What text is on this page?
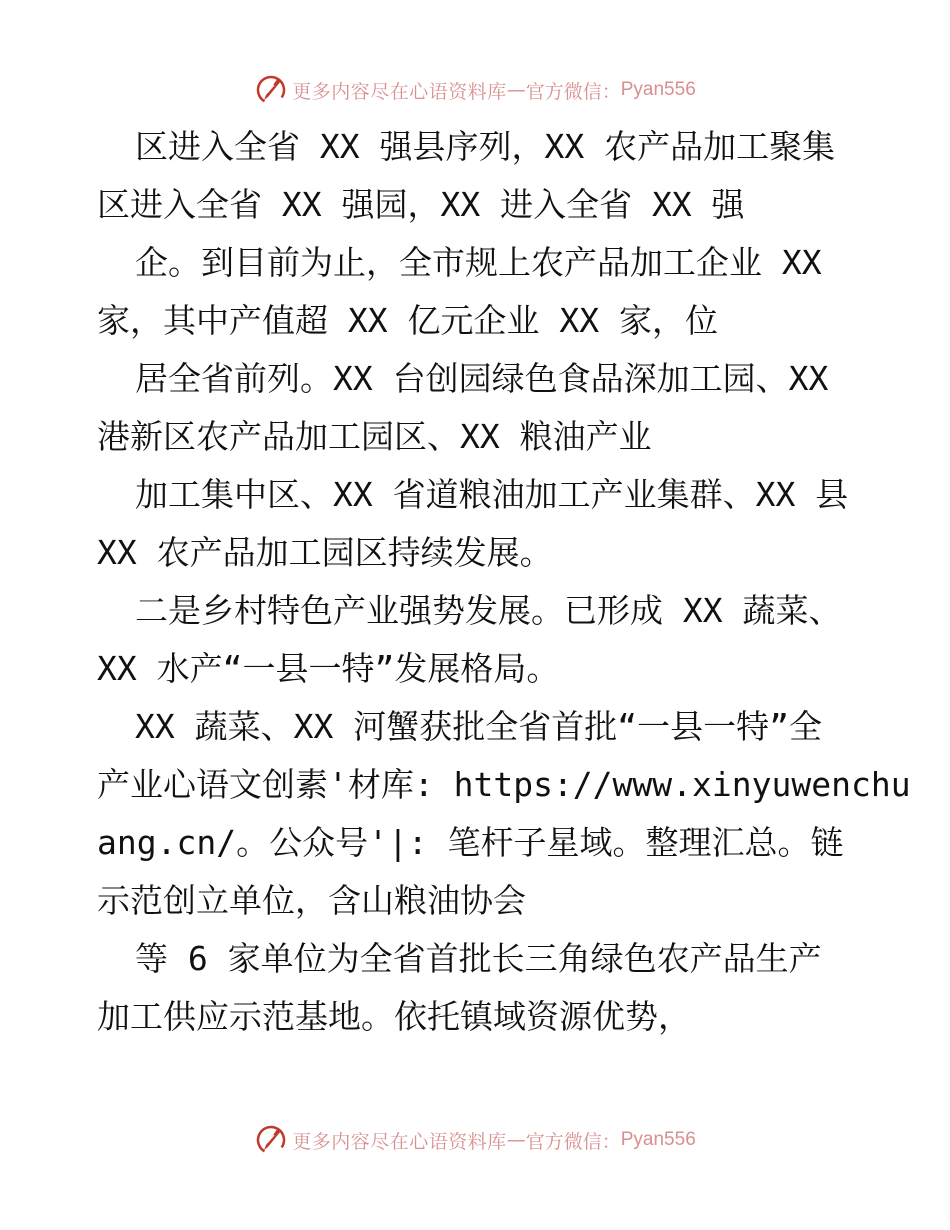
更多内容尽在心语资料库 — 官方微信： Pyan556
区进入全省 XX 强县序列，XX 农产品加工聚集
区进入全省 XX 强园，XX 进入全省 XX 强
企。到目前为止，全市规上农产品加工企业 XX
家，其中产值超 XX 亿元企业 XX 家，位
居全省前列。XX 台创园绿色食品深加工园、XX
港新区农产品加工园区、XX 粮油产业
加工集中区、XX 省道粮油加工产业集群、XX 县
XX 农产品加工园区持续发展。
二是乡村特色产业强势发展。已形成 XX 蔬菜、
XX 水产“一县一特”发展格局。
XX 蔬菜、XX 河蟹获批全省首批“一县一特”全
产业心语文创素'材库: https://www.xinyuwenchu
ang.cn/。公众号'|: 笔杆子星域。整理汇总。链
示范创立单位，含山粮油协会
等 6 家单位为全省首批长三角绿色农产品生产
加工供应示范基地。依托镇域资源优势，
更多内容尽在心语资料库 — 官方微信： Pyan556
